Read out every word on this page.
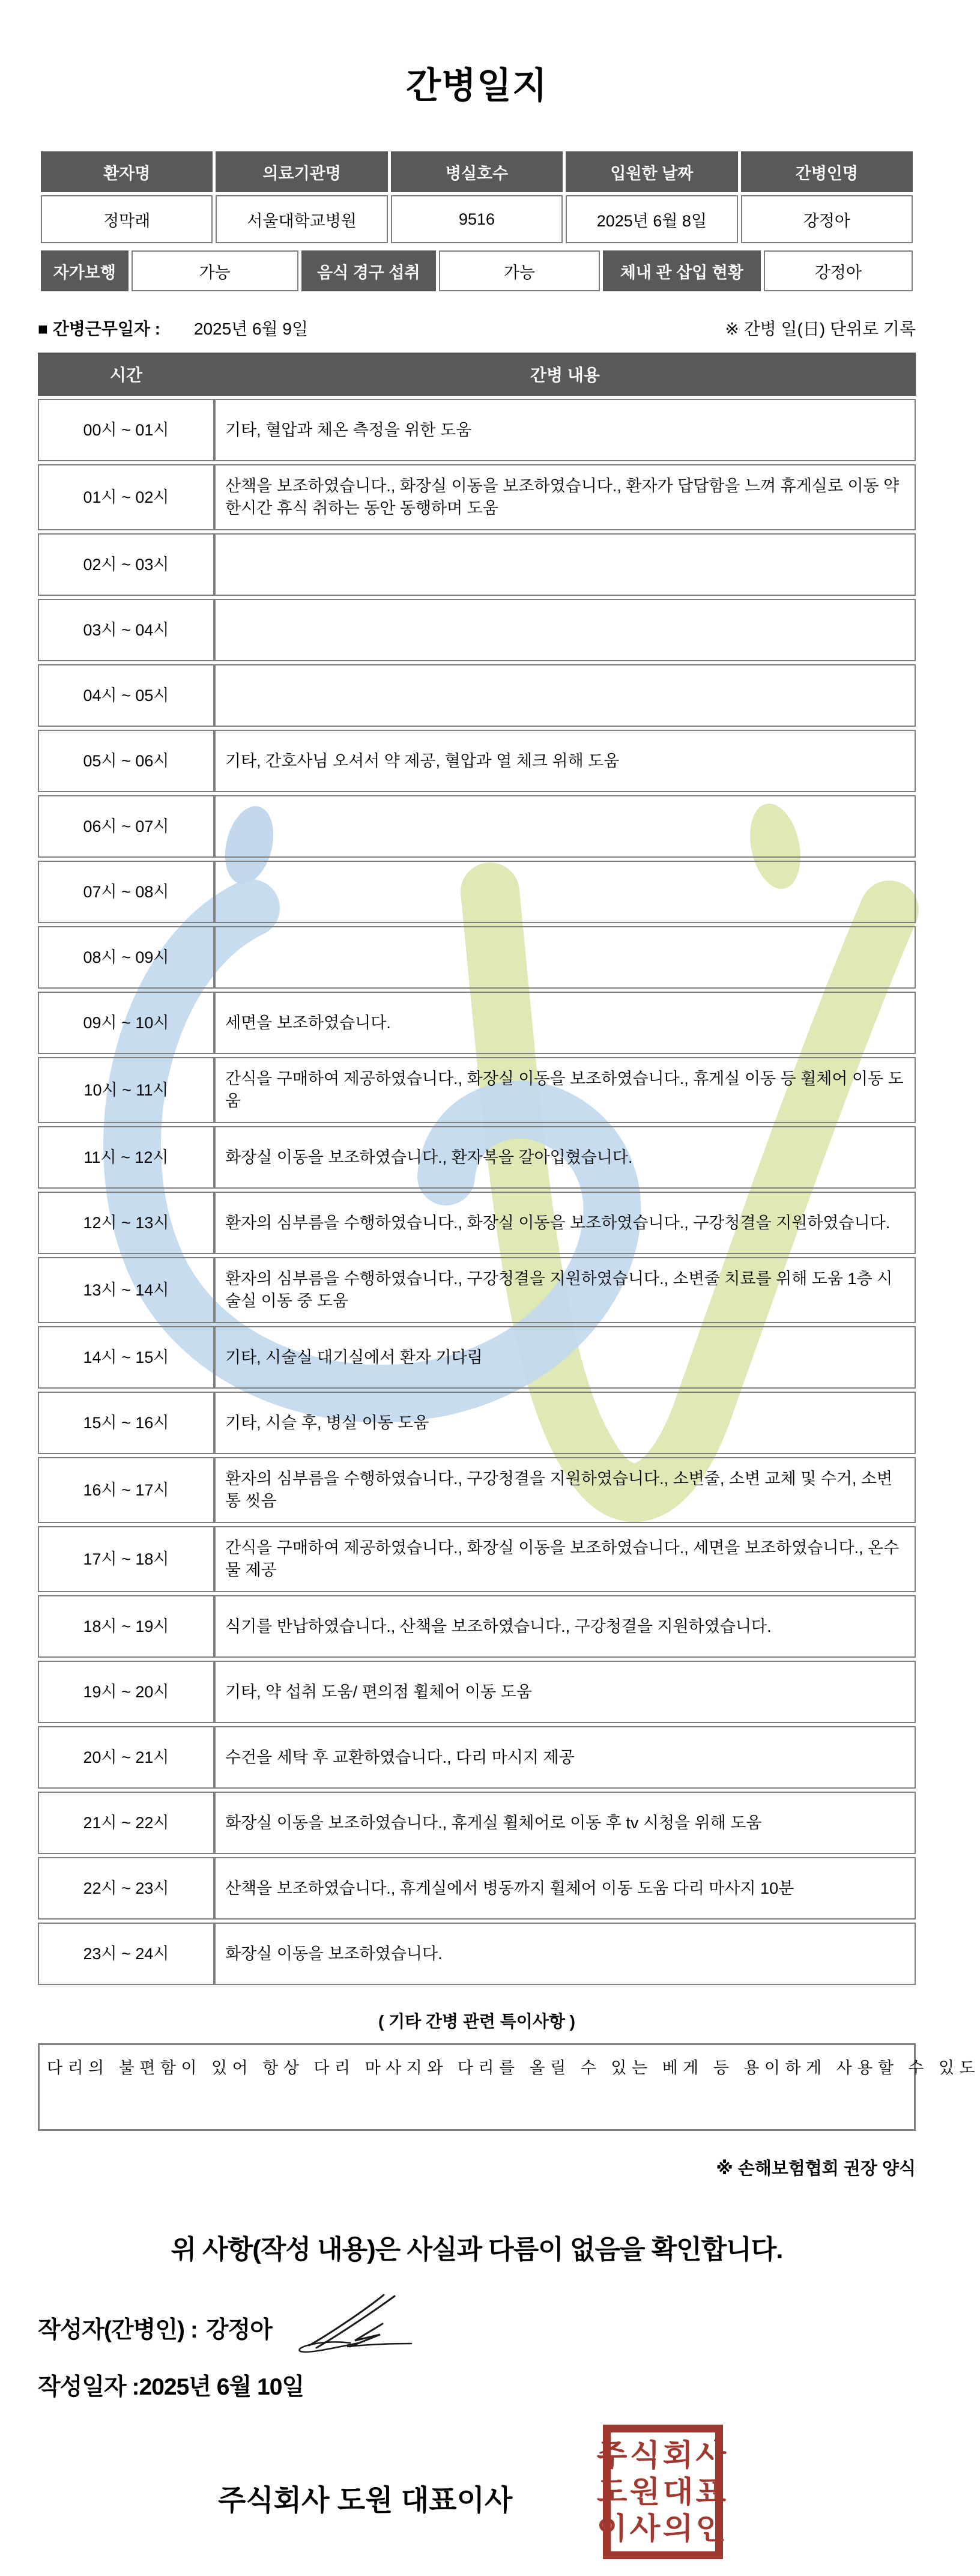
간병일지
환자명	의료기관명	병실호수	입원한 날짜	간병인명
정막래	서울대학교병원	9516	2025년 6월 8일	강정아
자가보행	가능	음식 경구 섭취	가능	체내 관 삽입 현황	강정아
■ 간병근무일자 : 2025년 6월 9일	※ 간병 일(日) 단위로 기록
시간	간병 내용
00시 ~ 01시	기타, 혈압과 체온 측정을 위한 도움
01시 ~ 02시	산책을 보조하였습니다., 화장실 이동을 보조하였습니다., 환자가 답답함을 느껴 휴게실로 이동 약 한시간 휴식 취하는 동안 동행하며 도움
02시 ~ 03시	
03시 ~ 04시	
04시 ~ 05시	
05시 ~ 06시	기타, 간호사님 오셔서 약 제공, 혈압과 열 체크 위해 도움
06시 ~ 07시	
07시 ~ 08시	
08시 ~ 09시	
09시 ~ 10시	세면을 보조하였습니다.
10시 ~ 11시	간식을 구매하여 제공하였습니다., 화장실 이동을 보조하였습니다., 휴게실 이동 등 휠체어 이동 도움
11시 ~ 12시	화장실 이동을 보조하였습니다., 환자복을 갈아입혔습니다.
12시 ~ 13시	환자의 심부름을 수행하였습니다., 화장실 이동을 보조하였습니다., 구강청결을 지원하였습니다.
13시 ~ 14시	환자의 심부름을 수행하였습니다., 구강청결을 지원하였습니다., 소변줄 치료를 위해 도움 1층 시술실 이동 중 도움
14시 ~ 15시	기타, 시술실 대기실에서 환자 기다림
15시 ~ 16시	기타, 시슬 후, 병실 이동 도움
16시 ~ 17시	환자의 심부름을 수행하였습니다., 구강청결을 지원하였습니다., 소변줄, 소변 교체 및 수거, 소변통 씻음
17시 ~ 18시	간식을 구매하여 제공하였습니다., 화장실 이동을 보조하였습니다., 세면을 보조하였습니다., 온수물 제공
18시 ~ 19시	식기를 반납하였습니다., 산책을 보조하였습니다., 구강청결을 지원하였습니다.
19시 ~ 20시	기타, 약 섭취 도움/ 편의점 휠체어 이동 도움
20시 ~ 21시	수건을 세탁 후 교환하였습니다., 다리 마시지 제공
21시 ~ 22시	화장실 이동을 보조하였습니다., 휴게실 휠체어로 이동 후 tv 시청을 위해 도움
22시 ~ 23시	산책을 보조하였습니다., 휴게실에서 병동까지 휠체어 이동 도움 다리 마사지 10분
23시 ~ 24시	화장실 이동을 보조하였습니다.
( 기타 간병 관련 특이사항 )
다리의 불편함이 있어 항상 다리 마사지와 다리를 올릴 수 있는 베게 등 용이하게 사용할 수 있도
※ 손해보험협회 권장 양식
위 사항(작성 내용)은 사실과 다름이 없음을 확인합니다.
작성자(간병인) : 강정아
작성일자 : 2025년 6월 10일
주식회사 도원 대표이사
주식회사
도원대표
이사의인
